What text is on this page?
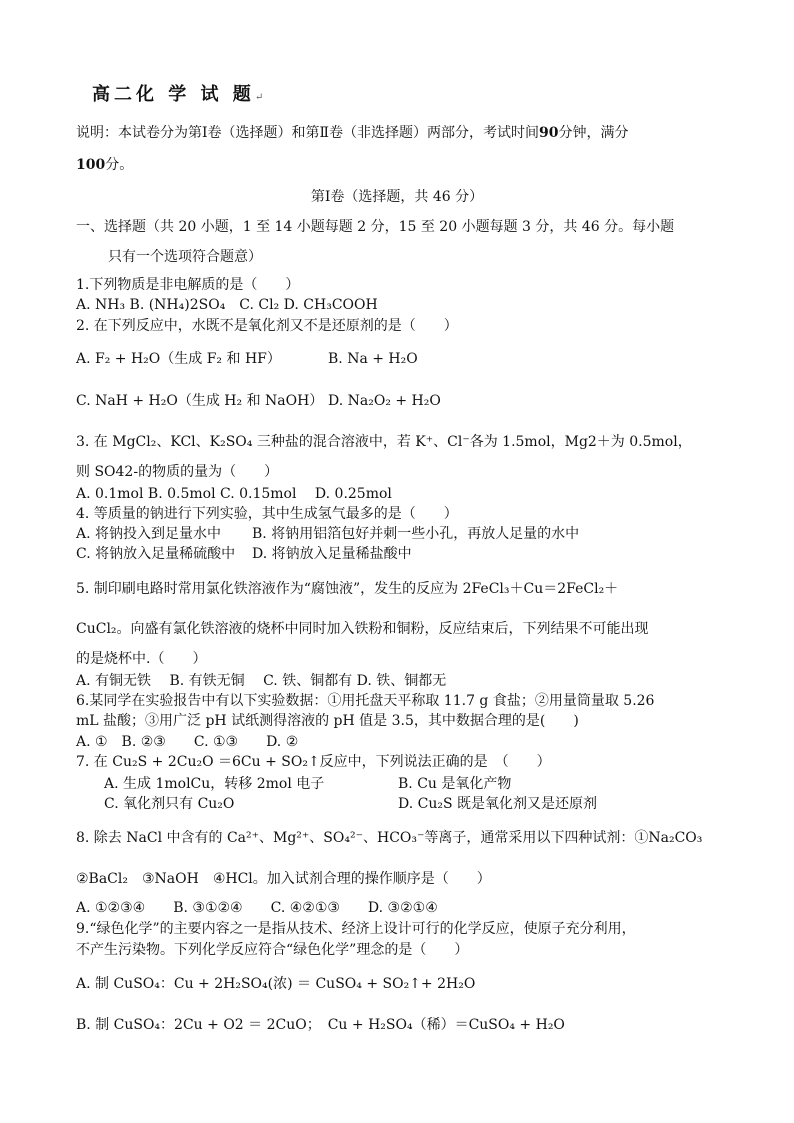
高二化 学 试 题↵
说明：本试卷分为第Ⅰ卷（选择题）和第Ⅱ卷（非选择题）两部分，考试时间90分钟，满分
100分。
第Ⅰ卷（选择题，共 46 分）
一、选择题（共 20 小题，1 至 14 小题每题 2 分，15 至 20 小题每题 3 分，共 46 分。每小题
只有一个选项符合题意）
1.下列物质是非电解质的是（　　）
A. NH₃ B. (NH₄)2SO₄　C. Cl₂ D. CH₃COOH
2. 在下列反应中，水既不是氧化剂又不是还原剂的是（　　）
A. F₂ + H₂O（生成 F₂ 和 HF）	B. Na + H₂O
C. NaH + H₂O（生成 H₂ 和 NaOH） D. Na₂O₂ + H₂O
3. 在 MgCl₂、KCl、K₂SO₄ 三种盐的混合溶液中，若 K⁺、Cl⁻各为 1.5mol，Mg2＋为 0.5mol，
则 SO42-的物质的量为（　　）
A. 0.1mol B. 0.5mol C. 0.15mol　 D. 0.25mol
4. 等质量的钠进行下列实验，其中生成氢气最多的是（　　）
A. 将钠投入到足量水中 B. 将钠用铝箔包好并刺一些小孔，再放人足量的水中
C. 将钠放入足量稀硫酸中 D. 将钠放入足量稀盐酸中
5. 制印刷电路时常用氯化铁溶液作为“腐蚀液”，发生的反应为 2FeCl₃＋Cu＝2FeCl₂＋
CuCl₂。向盛有氯化铁溶液的烧杯中同时加入铁粉和铜粉，反应结束后，下列结果不可能出现
的是烧杯中.（　　）
A. 有铜无铁　 B. 有铁无铜　 C. 铁、铜都有 D. 铁、铜都无
6.某同学在实验报告中有以下实验数据：①用托盘天平称取 11.7 g 食盐；②用量筒量取 5.26
mL 盐酸；③用广泛 pH 试纸测得溶液的 pH 值是 3.5，其中数据合理的是(　　)
A. ①　B. ②③　　C. ①③　　D. ②
7. 在 Cu₂S + 2Cu₂O ＝6Cu + SO₂↑反应中，下列说法正确的是　（　　）
A. 生成 1molCu，转移 2mol 电子	B. Cu 是氧化产物
C. 氧化剂只有 Cu₂O	D. Cu₂S 既是氧化剂又是还原剂
8. 除去 NaCl 中含有的 Ca²⁺、Mg²⁺、SO₄²⁻、HCO₃⁻等离子，通常采用以下四种试剂：①Na₂CO₃
②BaCl₂　③NaOH　④HCl。加入试剂合理的操作顺序是（　　）
A. ①②③④　　B. ③①②④　　C. ④②①③　　D. ③②①④
9.“绿色化学”的主要内容之一是指从技术、经济上设计可行的化学反应，使原子充分利用，
不产生污染物。下列化学反应符合“绿色化学”理念的是（　　）
A. 制 CuSO₄：Cu + 2H₂SO₄(浓) ＝ CuSO₄ + SO₂↑+ 2H₂O
B. 制 CuSO₄：2Cu + O2 ＝ 2CuO；　Cu + H₂SO₄（稀）＝CuSO₄ + H₂O
